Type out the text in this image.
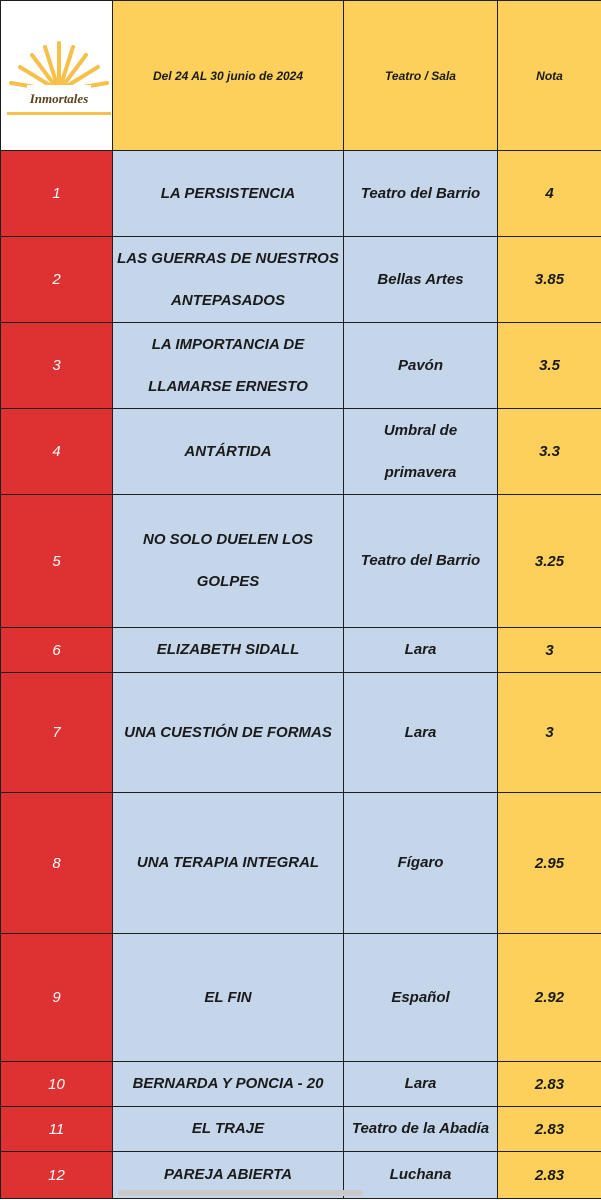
Inmortales	Del 24 AL 30 junio de 2024	Teatro / Sala	Nota
1	LA PERSISTENCIA	Teatro del Barrio	4
2	LAS GUERRAS DE NUESTROS ANTEPASADOS	Bellas Artes	3.85
3	LA IMPORTANCIA DE LLAMARSE ERNESTO	Pavón	3.5
4	ANTÁRTIDA	Umbral de primavera	3.3
5	NO SOLO DUELEN LOS GOLPES	Teatro del Barrio	3.25
6	ELIZABETH SIDALL	Lara	3
7	UNA CUESTIÓN DE FORMAS	Lara	3
8	UNA TERAPIA INTEGRAL	Fígaro	2.95
9	EL FIN	Español	2.92
10	BERNARDA Y PONCIA - 20	Lara	2.83
11	EL TRAJE	Teatro de la Abadía	2.83
12	PAREJA ABIERTA	Luchana	2.83
